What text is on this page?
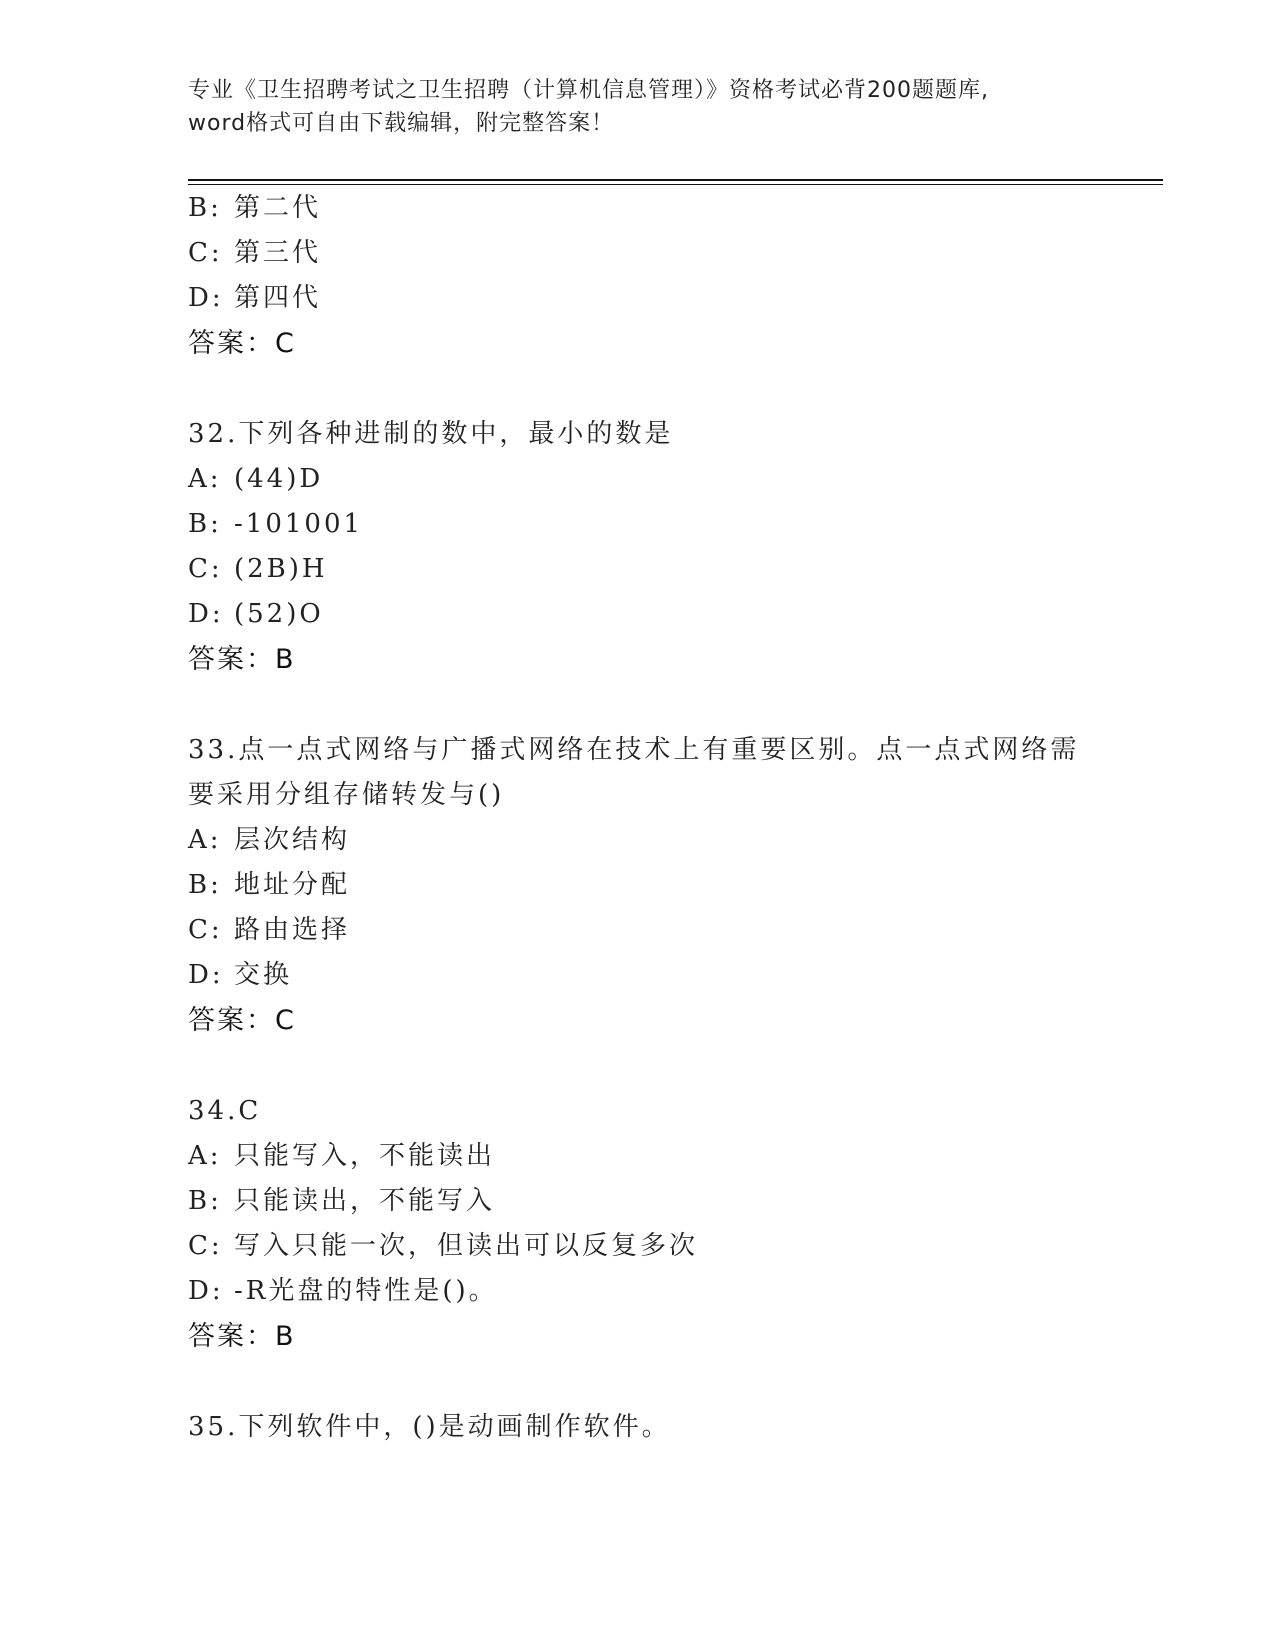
专业《卫生招聘考试之卫生招聘（计算机信息管理）》资格考试必背200题题库,
word格式可自由下载编辑，附完整答案！
B: 第二代
C: 第三代
D: 第四代
答案：C
32.下列各种进制的数中，最小的数是
A: (44)D
B: -101001
C: (2B)H
D: (52)O
答案：B
33.点一点式网络与广播式网络在技术上有重要区别。点一点式网络需
要采用分组存储转发与()
A: 层次结构
B: 地址分配
C: 路由选择
D: 交换
答案：C
34.C
A: 只能写入，不能读出
B: 只能读出，不能写入
C: 写入只能一次，但读出可以反复多次
D: -R光盘的特性是()。
答案：B
35.下列软件中，()是动画制作软件。
